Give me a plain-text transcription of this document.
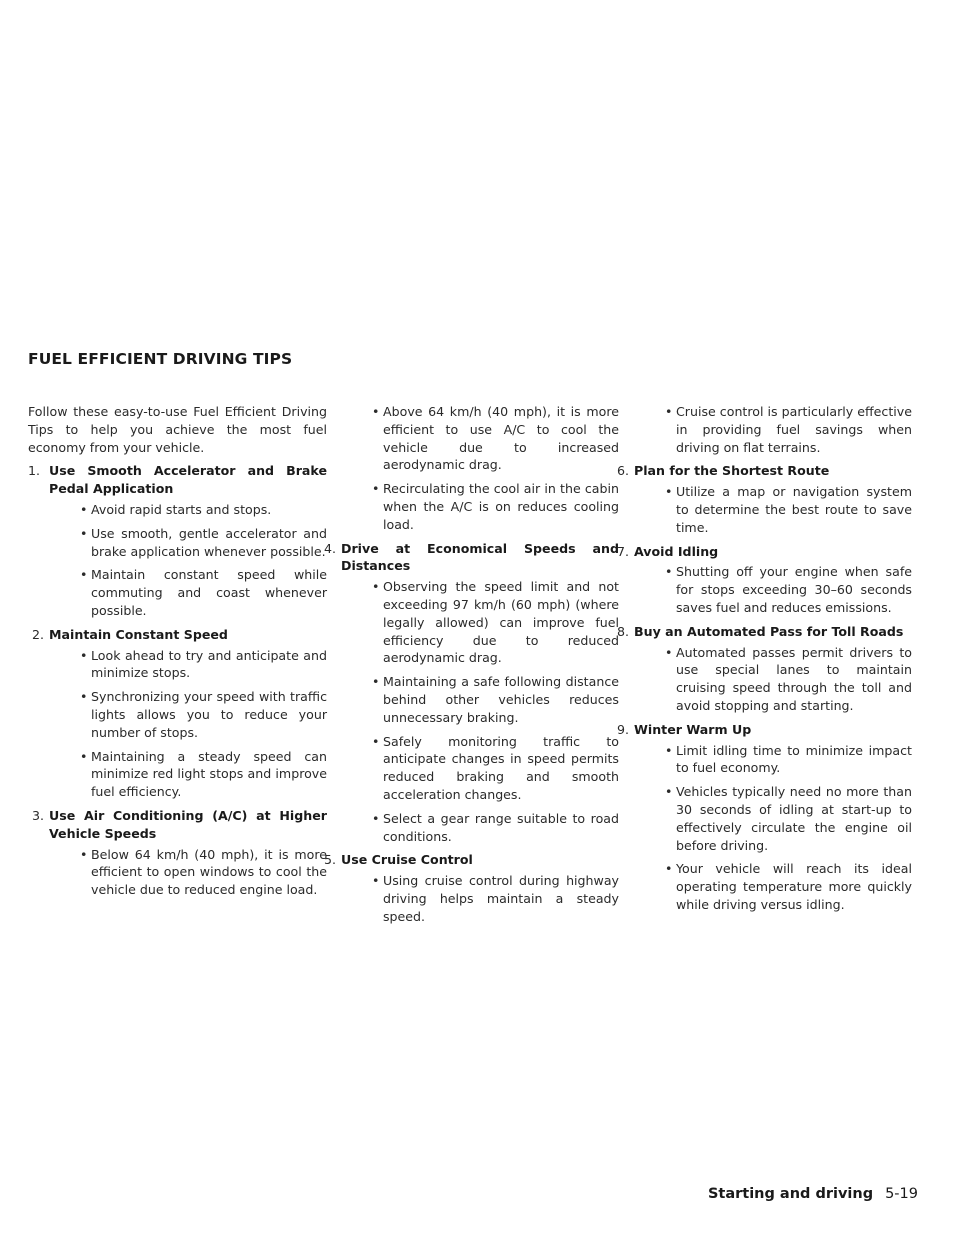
FUEL EFFICIENT DRIVING TIPS

Follow these easy-to-use Fuel Efficient Driving Tips to help you achieve the most fuel economy from your vehicle.

1. Use Smooth Accelerator and Brake Pedal Application
• Avoid rapid starts and stops.
• Use smooth, gentle accelerator and brake application whenever possible.
• Maintain constant speed while commuting and coast whenever possible.
2. Maintain Constant Speed
• Look ahead to try and anticipate and minimize stops.
• Synchronizing your speed with traffic lights allows you to reduce your number of stops.
• Maintaining a steady speed can minimize red light stops and improve fuel efficiency.
3. Use Air Conditioning (A/C) at Higher Vehicle Speeds
• Below 64 km/h (40 mph), it is more efficient to open windows to cool the vehicle due to reduced engine load.
• Above 64 km/h (40 mph), it is more efficient to use A/C to cool the vehicle due to increased aerodynamic drag.
• Recirculating the cool air in the cabin when the A/C is on reduces cooling load.
4. Drive at Economical Speeds and Distances
• Observing the speed limit and not exceeding 97 km/h (60 mph) (where legally allowed) can improve fuel efficiency due to reduced aerodynamic drag.
• Maintaining a safe following distance behind other vehicles reduces unnecessary braking.
• Safely monitoring traffic to anticipate changes in speed permits reduced braking and smooth acceleration changes.
• Select a gear range suitable to road conditions.
5. Use Cruise Control
• Using cruise control during highway driving helps maintain a steady speed.
• Cruise control is particularly effective in providing fuel savings when driving on flat terrains.
6. Plan for the Shortest Route
• Utilize a map or navigation system to determine the best route to save time.
7. Avoid Idling
• Shutting off your engine when safe for stops exceeding 30–60 seconds saves fuel and reduces emissions.
8. Buy an Automated Pass for Toll Roads
• Automated passes permit drivers to use special lanes to maintain cruising speed through the toll and avoid stopping and starting.
9. Winter Warm Up
• Limit idling time to minimize impact to fuel economy.
• Vehicles typically need no more than 30 seconds of idling at start-up to effectively circulate the engine oil before driving.
• Your vehicle will reach its ideal operating temperature more quickly while driving versus idling.
Starting and driving 5-19
